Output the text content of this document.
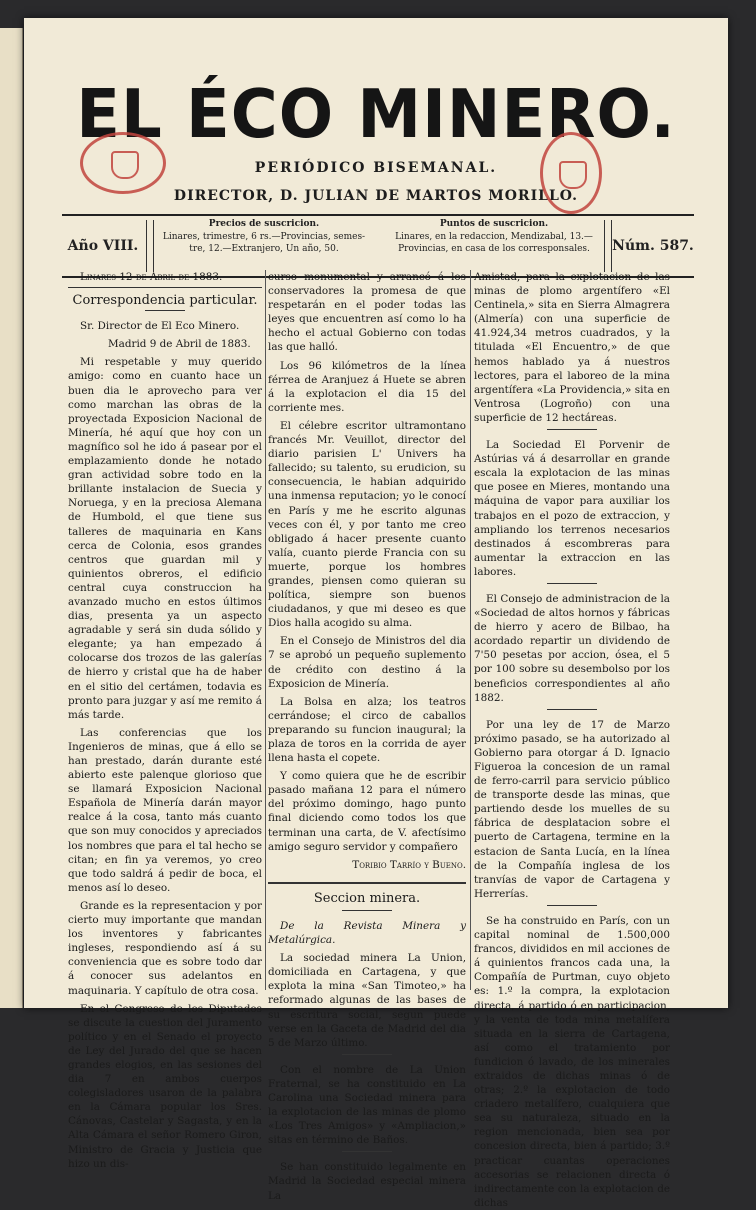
EL ÉCO MINERO.
PERIÓDICO BISEMANAL.
DIRECTOR, D. JULIAN DE MARTOS MORILLO.
Año VIII.
Precios de suscricion.

Linares, trimestre, 6 rs.—Provincias, semes-

tre, 12.—Extranjero, Un año, 50.

Puntos de suscricion.

Linares, en la redaccion, Mendizabal, 13.—

Provincias, en casa de los corresponsales.	Núm. 587.

Linares 12 de Abril de 1883.

Correspondencia particular.

Sr. Director de El Eco Minero.

Madrid 9 de Abril de 1883.

Mi respetable y muy querido amigo: como en cuanto hace un buen dia le aprovecho para ver como marchan las obras de la proyectada Exposicion Nacional de Minería, hé aquí que hoy con un magnífico sol he ido á pasear por el emplazamiento donde he notado gran actividad sobre todo en la brillante instalacion de Suecia y Noruega, y en la preciosa Alemana de Humbold, el que tiene sus talleres de maquinaria en Kans cerca de Colonia, esos grandes centros que guardan mil y quinientos obreros, el edificio central cuya construccion ha avanzado mucho en estos últimos dias, presenta ya un aspecto agradable y será sin duda sólido y elegante; ya han empezado á colocarse dos trozos de las galerías de hierro y cristal que ha de haber en el sitio del certámen, todavia es pronto para juzgar y así me remito á más tarde.

Las conferencias que los Ingenieros de minas, que á ello se han prestado, darán durante esté abierto este palenque glorioso que se llamará Exposicion Nacional Española de Minería darán mayor realce á la cosa, tanto más cuanto que son muy conocidos y apreciados los nombres que para el tal hecho se citan; en fin ya veremos, yo creo que todo saldrá á pedir de boca, el menos así lo deseo.

Grande es la representacion y por cierto muy importante que mandan los inventores y fabricantes ingleses, respondiendo así á su conveniencia que es sobre todo dar á conocer sus adelantos en maquinaria. Y capítulo de otra cosa.

En el Congreso de los Diputados se discute la cuestion del Juramento político y en el Senado el proyecto de Ley del Jurado del que se hacen grandes elogios, en las sesiones del dia 7 en ambos cuerpos colegisladores usaron de la palabra en la Cámara popular los Sres. Cánovas, Castelar y Sagasta, y en la Alta Cámara el señor Romero Giron, Ministro de Gracia y Justicia que hizo un dis-

curso monumental y arrancó á los conservadores la promesa de que respetarán en el poder todas las leyes que encuentren así como lo ha hecho el actual Gobierno con todas las que halló.

Los 96 kilómetros de la línea férrea de Aranjuez á Huete se abren á la explotacion el dia 15 del corriente mes.

El célebre escritor ultramontano francés Mr. Veuillot, director del diario parisien L' Univers ha fallecido; su talento, su erudicion, su consecuencia, le habian adquirido una inmensa reputacion; yo le conocí en París y me he escrito algunas veces con él, y por tanto me creo obligado á hacer presente cuanto valía, cuanto pierde Francia con su muerte, porque los hombres grandes, piensen como quieran su política, siempre son buenos ciudadanos, y que mi deseo es que Dios halla acogido su alma.

En el Consejo de Ministros del dia 7 se aprobó un pequeño suplemento de crédito con destino á la Exposicion de Minería.

La Bolsa en alza; los teatros cerrándose; el circo de caballos preparando su funcion inaugural; la plaza de toros en la corrida de ayer llena hasta el copete.

Y como quiera que he de escribir pasado mañana 12 para el número del próximo domingo, hago punto final diciendo como todos los que terminan una carta, de V. afectísimo amigo seguro servidor y compañero

Toribio Tarrío y Bueno.

Seccion minera.

De la Revista Minera y Metalúrgica.

La sociedad minera La Union, domiciliada en Cartagena, y que explota la mina «San Timoteo,» ha reformado algunas de las bases de su escritura social, segun puede verse en la Gaceta de Madrid del dia 5 de Marzo último.

Con el nombre de La Union Fraternal, se ha constituido en La Carolina una Sociedad minera para la explotacion de las minas de plomo «Los Tres Amigos» y «Ampliacion,» sitas en término de Baños.

Se han constituido legalmente en Madrid la Sociedad especial minera La

Amistad, para la explotacion de las minas de plomo argentífero «El Centinela,» sita en Sierra Almagrera (Almería) con una superficie de 41.924,34 metros cuadrados, y la titulada «El Encuentro,» de que hemos hablado ya á nuestros lectores, para el laboreo de la mina argentífera «La Providencia,» sita en Ventrosa (Logroño) con una superficie de 12 hectáreas.

La Sociedad El Porvenir de Astúrias vá á desarrollar en grande escala la explotacion de las minas que posee en Mieres, montando una máquina de vapor para auxiliar los trabajos en el pozo de extraccion, y ampliando los terrenos necesarios destinados á escombreras para aumentar la extraccion en las labores.

El Consejo de administracion de la «Sociedad de altos hornos y fábricas de hierro y acero de Bilbao, ha acordado repartir un dividendo de 7'50 pesetas por accion, ósea, el 5 por 100 sobre su desembolso por los beneficios correspondientes al año 1882.

Por una ley de 17 de Marzo próximo pasado, se ha autorizado al Gobierno para otorgar á D. Ignacio Figueroa la concesion de un ramal de ferro-carril para servicio público de transporte desde las minas, que partiendo desde los muelles de su fábrica de desplatacion sobre el puerto de Cartagena, termine en la estacion de Santa Lucía, en la línea de la Compañía inglesa de los tranvías de vapor de Cartagena y Herrerías.

Se ha construido en París, con un capital nominal de 1.500,000 francos, divididos en mil acciones de á quinientos francos cada una, la Compañía de Purtman, cuyo objeto es: 1.º la compra, la explotacion directa, á partido ó en participacion, y la venta de toda mina metalífera situada en la sierra de Cartagena, así como el tratamiento por fundicion ó lavado, de los minerales extraidos de dichas minas ó de otras; 2.º la explotacion de todo criadero metalífero, cualquiera que sea su naturaleza, situado en la region mencionada, bien sea por concesion directa, bien á partido; 3.º practicar cuantas operaciones accesorias se relacionen directa ó indirectamente con la explotacion de dichas
